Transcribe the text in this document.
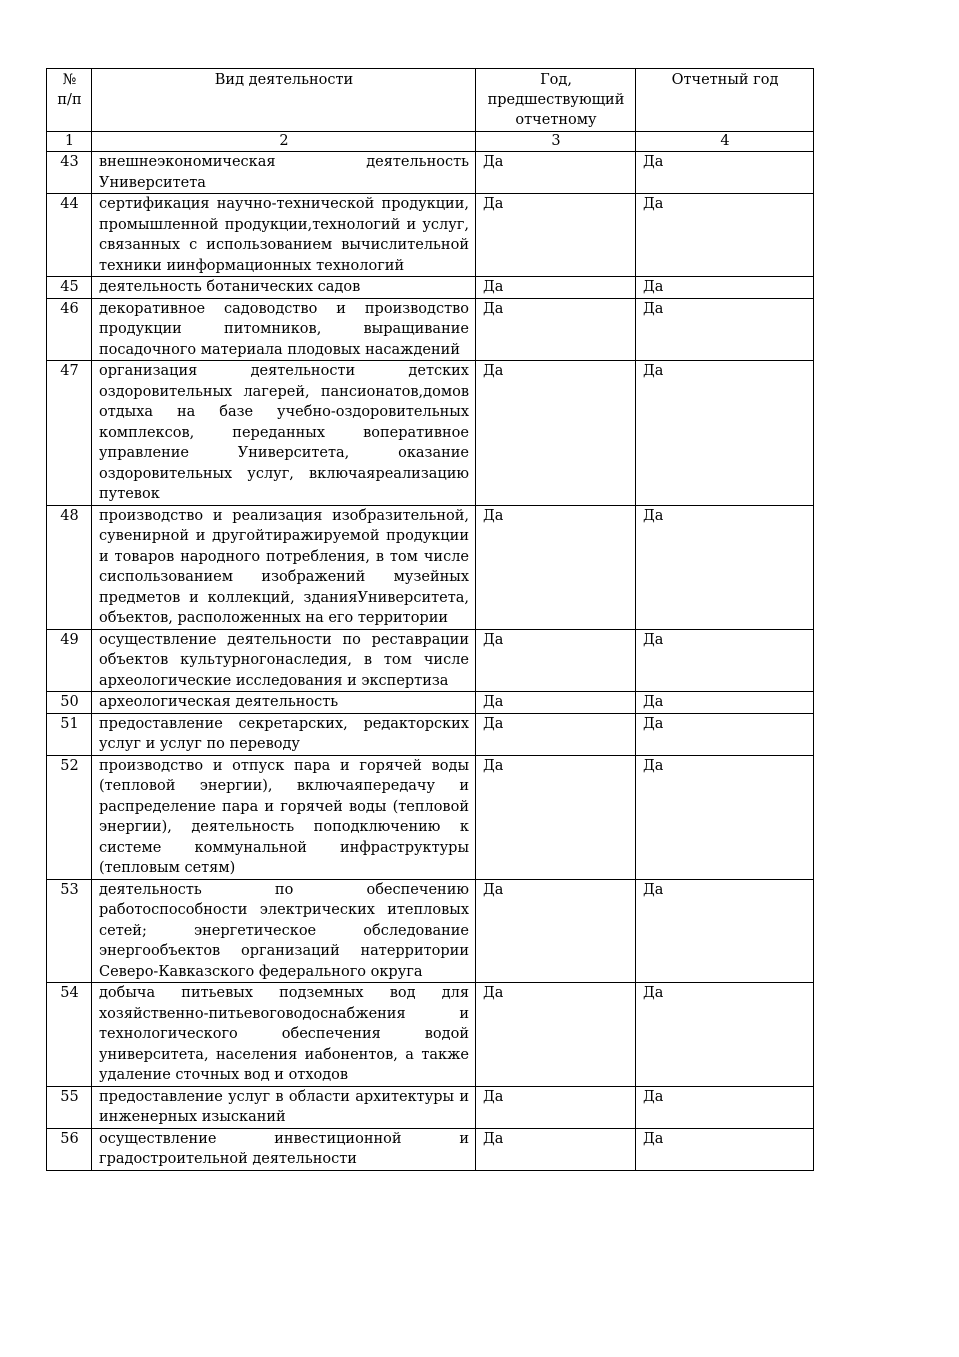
№ п/п	Вид деятельности	Год, предшествующий отчетному	Отчетный год
1	2	3	4
43	внешнеэкономическая деятельность Университета	Да	Да
44	сертификация научно-технической продукции, промышленной продукции,технологий и услуг, связанных с использованием вычислительной техники иинформационных технологий	Да	Да
45	деятельность ботанических садов	Да	Да
46	декоративное садоводство и производство продукции питомников, выращивание посадочного материала плодовых насаждений	Да	Да
47	организация деятельности детских оздоровительных лагерей, пансионатов,домов отдыха на базе учебно-оздоровительных комплексов, переданных вoперативное управление Университета, оказание оздоровительных услуг, включаяреализацию путевок	Да	Да
48	производство и реализация изобразительной, сувенирной и другойтиражируемой продукции и товаров народного потребления, в том числе сиспользованием изображений музейных предметов и коллекций, зданияУниверситета, объектов, расположенных на его территории	Да	Да
49	осуществление деятельности по реставрации объектов культурногонаследия, в том числе археологические исследования и экспертиза	Да	Да
50	археологическая деятельность	Да	Да
51	предоставление секретарских, редакторских услуг и услуг по переводу	Да	Да
52	производство и отпуск пара и горячей воды (тепловой энергии), включаяпередачу и распределение пара и горячей воды (тепловой энергии), деятельность поподключению к системе коммунальной инфраструктуры (тепловым сетям)	Да	Да
53	деятельность по обеспечению работоспособности электрических итепловых сетей; энергетическое обследование энергообъектов организаций натерритории Северо-Кавказского федерального округа	Да	Да
54	добыча питьевых подземных вод для хозяйственно-питьевоговодоснабжения и технологического обеспечения водой университета, населения иабонентов, а также удаление сточных вод и отходов	Да	Да
55	предоставление услуг в области архитектуры и инженерных изысканий	Да	Да
56	осуществление инвестиционной и градостроительной деятельности	Да	Да
